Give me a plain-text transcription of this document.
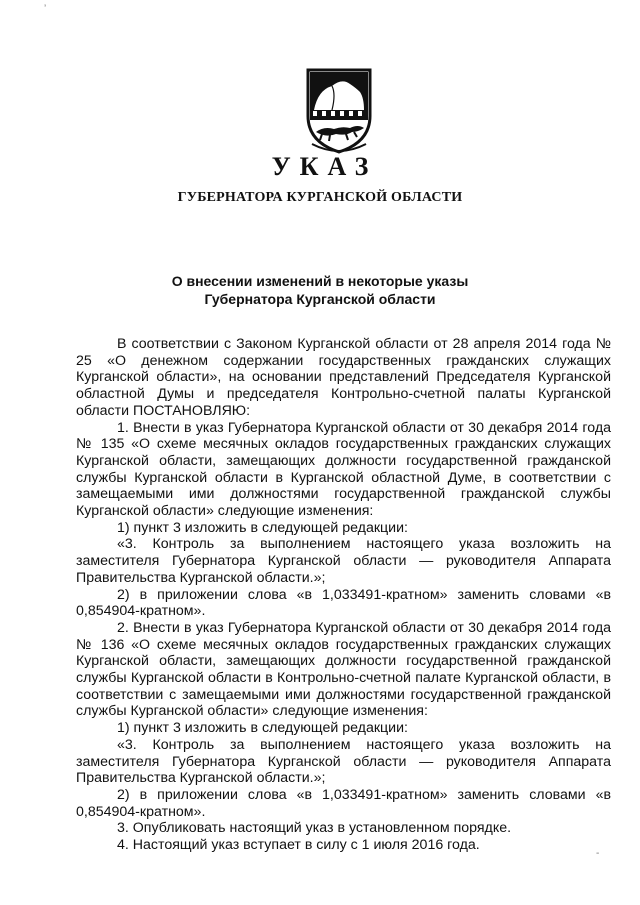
ʼ
-
УКАЗ
ГУБЕРНАТОРА КУРГАНСКОЙ ОБЛАСТИ
О внесении изменений в некоторые указы
Губернатора Курганской области

В соответствии с Законом Курганской области от 28 апреля 2014 года № 25 «О денежном содержании государственных гражданских служащих Курганской области», на основании представлений Председателя Курганской областной Думы и председателя Контрольно-счетной палаты Курганской области ПОСТАНОВЛЯЮ:

1. Внести в указ Губернатора Курганской области от 30 декабря 2014 года № 135 «О схеме месячных окладов государственных гражданских служащих Курганской области, замещающих должности государственной гражданской службы Курганской области в Курганской областной Думе, в соответствии с замещаемыми ими должностями государственной гражданской службы Курганской области» следующие изменения:

1) пункт 3 изложить в следующей редакции:

«3. Контроль за выполнением настоящего указа возложить на заместителя Губернатора Курганской области — руководителя Аппарата Правительства Курганской области.»;

2) в приложении слова «в 1,033491-кратном» заменить словами «в 0,854904-кратном».

2. Внести в указ Губернатора Курганской области от 30 декабря 2014 года № 136 «О схеме месячных окладов государственных гражданских служащих Курганской области, замещающих должности государственной гражданской службы Курганской области в Контрольно-счетной палате Курганской области, в соответствии с замещаемыми ими должностями государственной гражданской службы Курганской области» следующие изменения:

1) пункт 3 изложить в следующей редакции:

«3. Контроль за выполнением настоящего указа возложить на заместителя Губернатора Курганской области — руководителя Аппарата Правительства Курганской области.»;

2) в приложении слова «в 1,033491-кратном» заменить словами «в 0,854904-кратном».

3. Опубликовать настоящий указ в установленном порядке.

4. Настоящий указ вступает в силу с 1 июля 2016 года.
